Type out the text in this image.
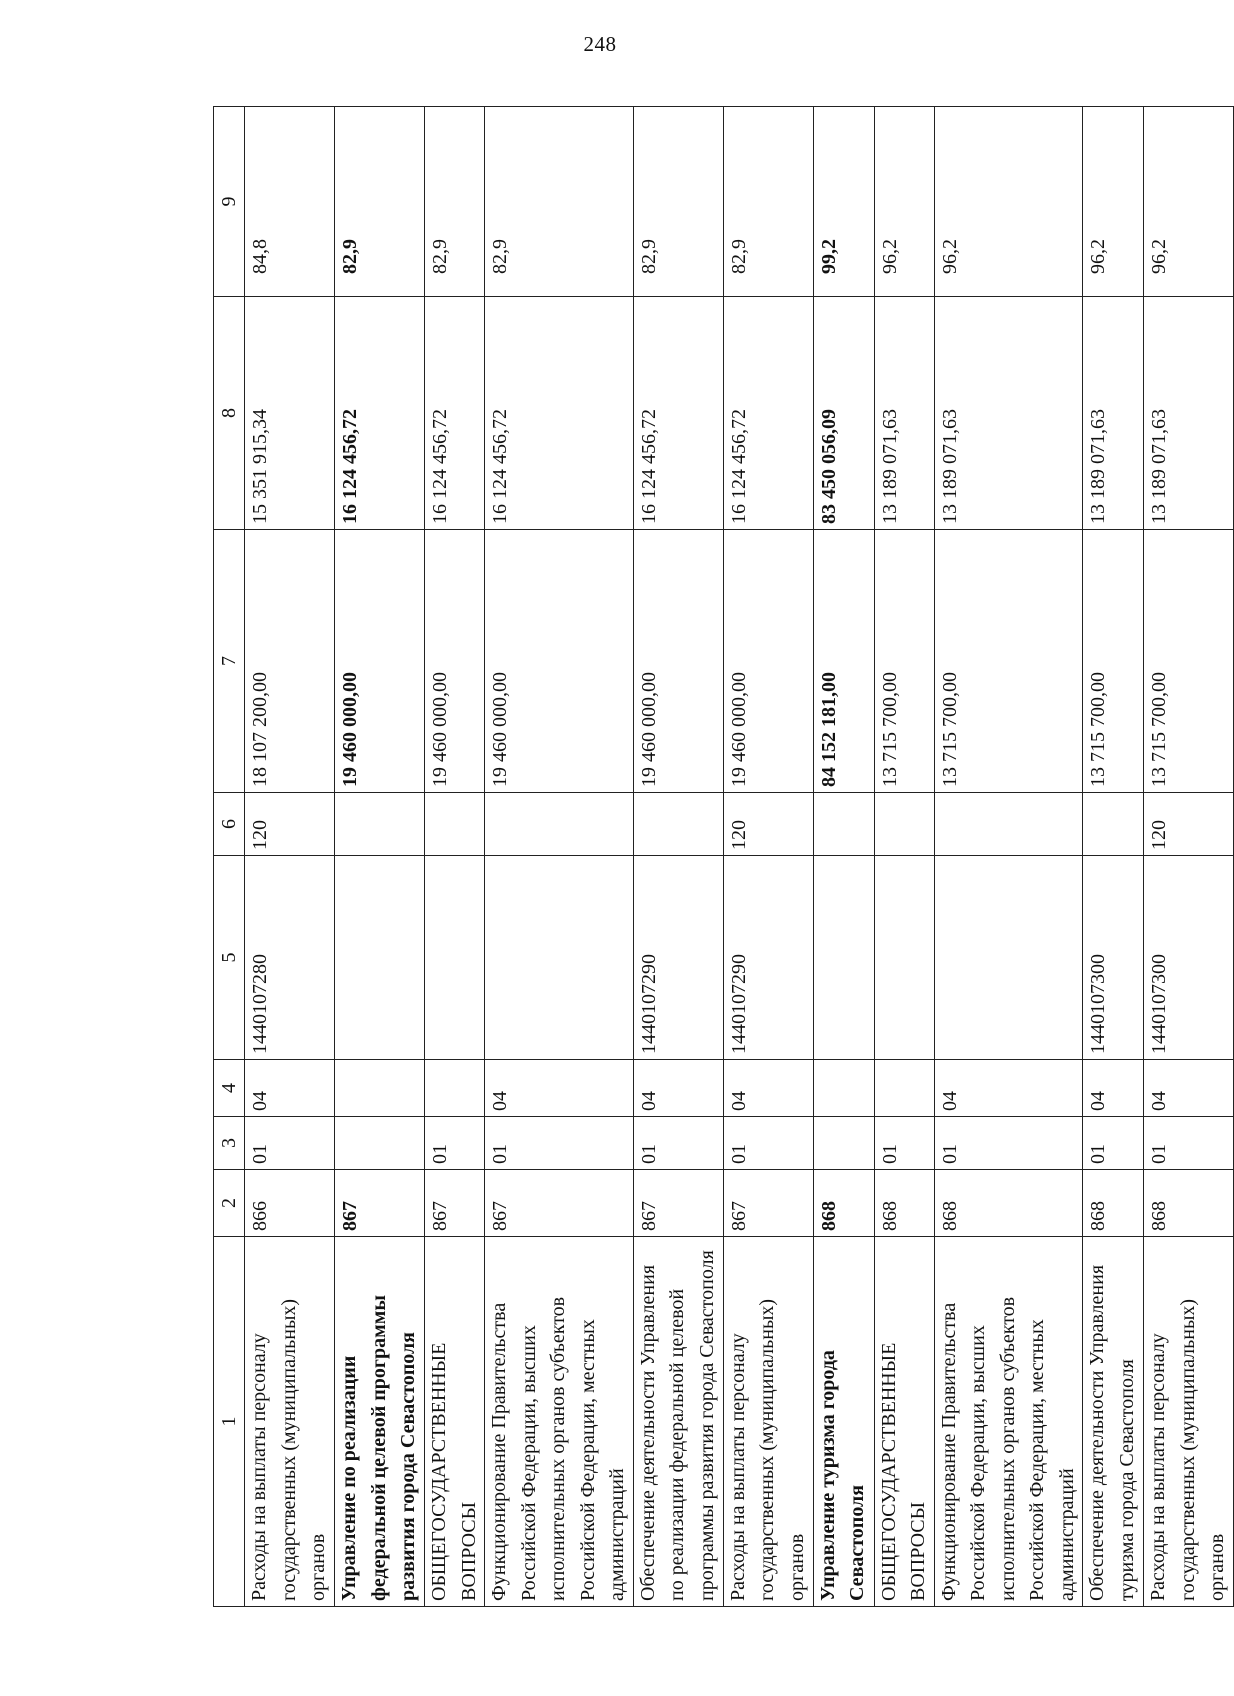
248
1	2	3	4	5	6	7	8	9
Расходы на выплаты персоналу государственных (муниципальных) органов	866	01	04	1440107280	120	18 107 200,00	15 351 915,34	84,8
Управление по реализации федеральной целевой программы развития города Севастополя	867					19 460 000,00	16 124 456,72	82,9
ОБЩЕГОСУДАРСТВЕННЫЕ ВОПРОСЫ	867	01				19 460 000,00	16 124 456,72	82,9
Функционирование Правительства Российской Федерации, высших исполнительных органов субъектов Российской Федерации, местных администраций	867	01	04			19 460 000,00	16 124 456,72	82,9
Обеспечение деятельности Управления по реализации федеральной целевой программы развития города Севастополя	867	01	04	1440107290		19 460 000,00	16 124 456,72	82,9
Расходы на выплаты персоналу государственных (муниципальных) органов	867	01	04	1440107290	120	19 460 000,00	16 124 456,72	82,9
Управление туризма города Севастополя	868					84 152 181,00	83 450 056,09	99,2
ОБЩЕГОСУДАРСТВЕННЫЕ ВОПРОСЫ	868	01				13 715 700,00	13 189 071,63	96,2
Функционирование Правительства Российской Федерации, высших исполнительных органов субъектов Российской Федерации, местных администраций	868	01	04			13 715 700,00	13 189 071,63	96,2
Обеспечение деятельности Управления туризма города Севастополя	868	01	04	1440107300		13 715 700,00	13 189 071,63	96,2
Расходы на выплаты персоналу государственных (муниципальных) органов	868	01	04	1440107300	120	13 715 700,00	13 189 071,63	96,2
